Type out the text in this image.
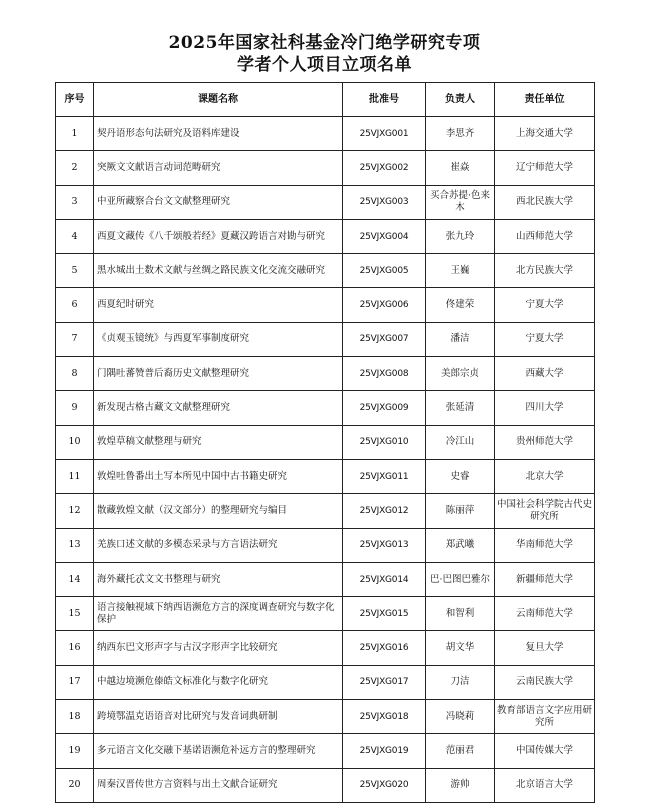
2025年国家社科基金冷门绝学研究专项
学者个人项目立项名单
序号	课题名称	批准号	负责人	责任单位
1	契丹语形态句法研究及语料库建设	25VJXG001	李思齐	上海交通大学
2	突厥文文献语言动词范畴研究	25VJXG002	崔焱	辽宁师范大学
3	中亚所藏察合台文文献整理研究	25VJXG003	买合苏提·色来木	西北民族大学
4	西夏文藏传《八千颂般若经》夏藏汉跨语言对勘与研究	25VJXG004	张九玲	山西师范大学
5	黑水城出土数术文献与丝绸之路民族文化交流交融研究	25VJXG005	王巍	北方民族大学
6	西夏纪时研究	25VJXG006	佟建荣	宁夏大学
7	《贞观玉镜统》与西夏军事制度研究	25VJXG007	潘洁	宁夏大学
8	门隅吐蕃赞普后裔历史文献整理研究	25VJXG008	美郎宗贞	西藏大学
9	新发现古格古藏文文献整理研究	25VJXG009	张延清	四川大学
10	敦煌草稿文献整理与研究	25VJXG010	冷江山	贵州师范大学
11	敦煌吐鲁番出土写本所见中国中古书籍史研究	25VJXG011	史睿	北京大学
12	散藏敦煌文献（汉文部分）的整理研究与编目	25VJXG012	陈丽萍	中国社会科学院古代史研究所
13	羌族口述文献的多模态采录与方言语法研究	25VJXG013	郑武曦	华南师范大学
14	海外藏托忒文文书整理与研究	25VJXG014	巴·巴图巴雅尔	新疆师范大学
15	语言接触视域下纳西语濒危方言的深度调查研究与数字化保护	25VJXG015	和智利	云南师范大学
16	纳西东巴文形声字与古汉字形声字比较研究	25VJXG016	胡文华	复旦大学
17	中越边境濒危傣皓文标准化与数字化研究	25VJXG017	刀洁	云南民族大学
18	跨境鄂温克语语音对比研究与发音词典研制	25VJXG018	冯晓莉	教育部语言文字应用研究所
19	多元语言文化交融下基诺语濒危补远方言的整理研究	25VJXG019	范丽君	中国传媒大学
20	周秦汉晋传世方言资料与出土文献合证研究	25VJXG020	游帅	北京语言大学
